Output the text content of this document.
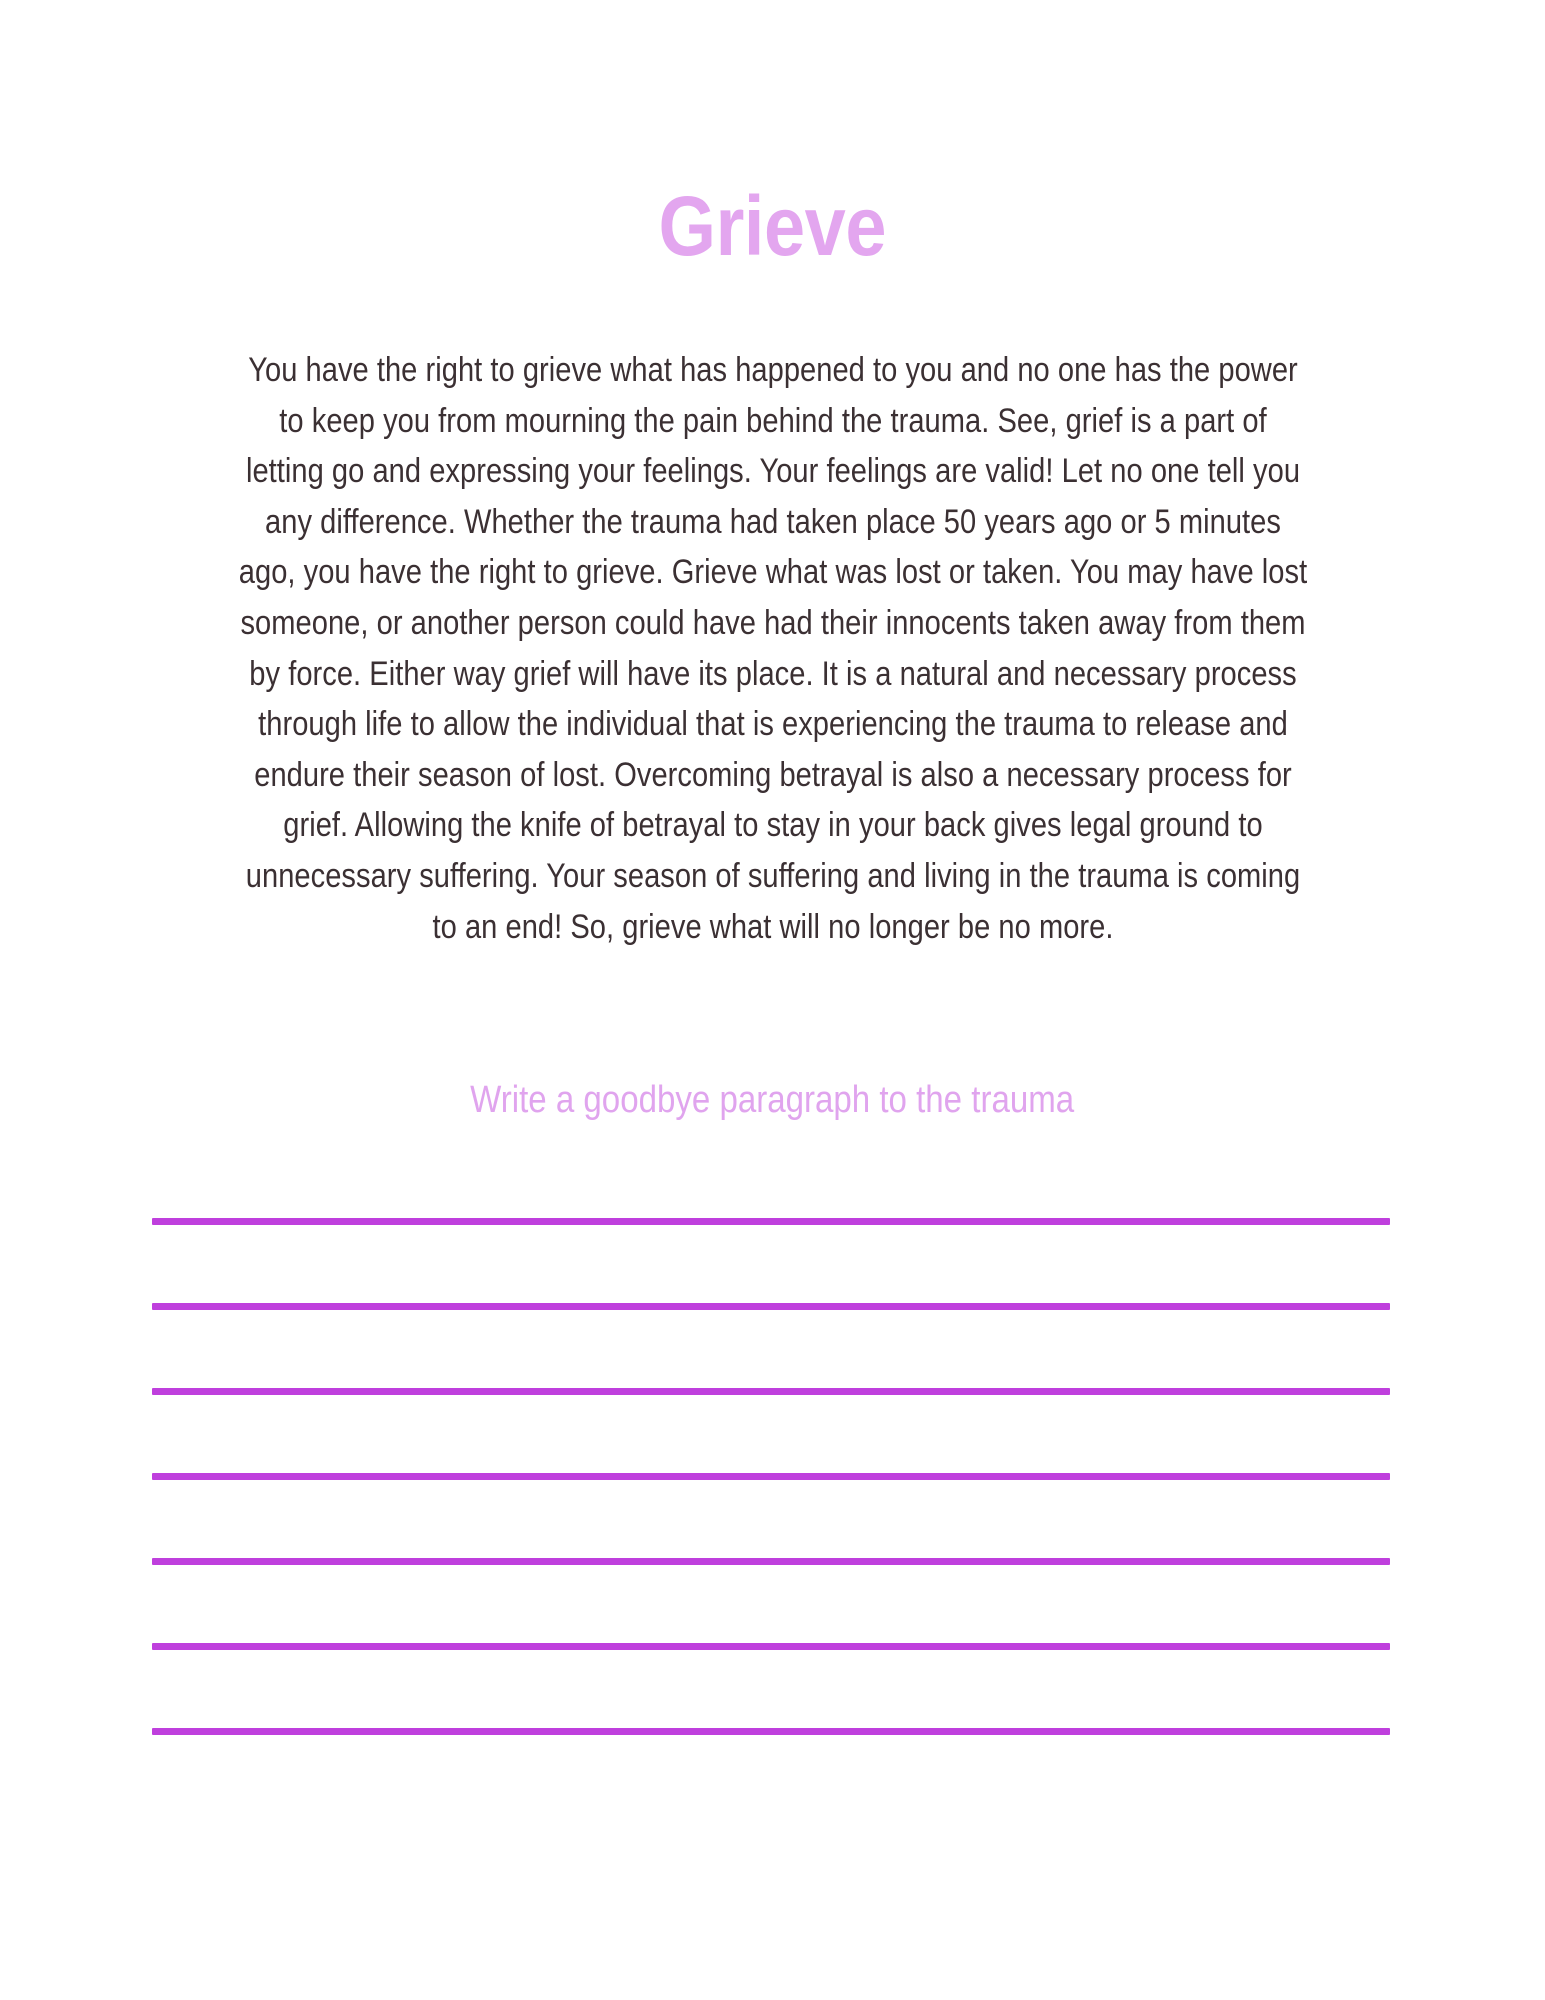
Grieve

You have the right to grieve what has happened to you and no one has the power to keep you from mourning the pain behind the trauma. See, grief is a part of letting go and expressing your feelings. Your feelings are valid! Let no one tell you any difference. Whether the trauma had taken place 50 years ago or 5 minutes ago, you have the right to grieve. Grieve what was lost or taken. You may have lost someone, or another person could have had their innocents taken away from them by force. Either way grief will have its place. It is a natural and necessary process through life to allow the individual that is experiencing the trauma to release and endure their season of lost. Overcoming betrayal is also a necessary process for grief. Allowing the knife of betrayal to stay in your back gives legal ground to unnecessary suffering. Your season of suffering and living in the trauma is coming to an end! So, grieve what will no longer be no more.

Write a goodbye paragraph to the trauma
